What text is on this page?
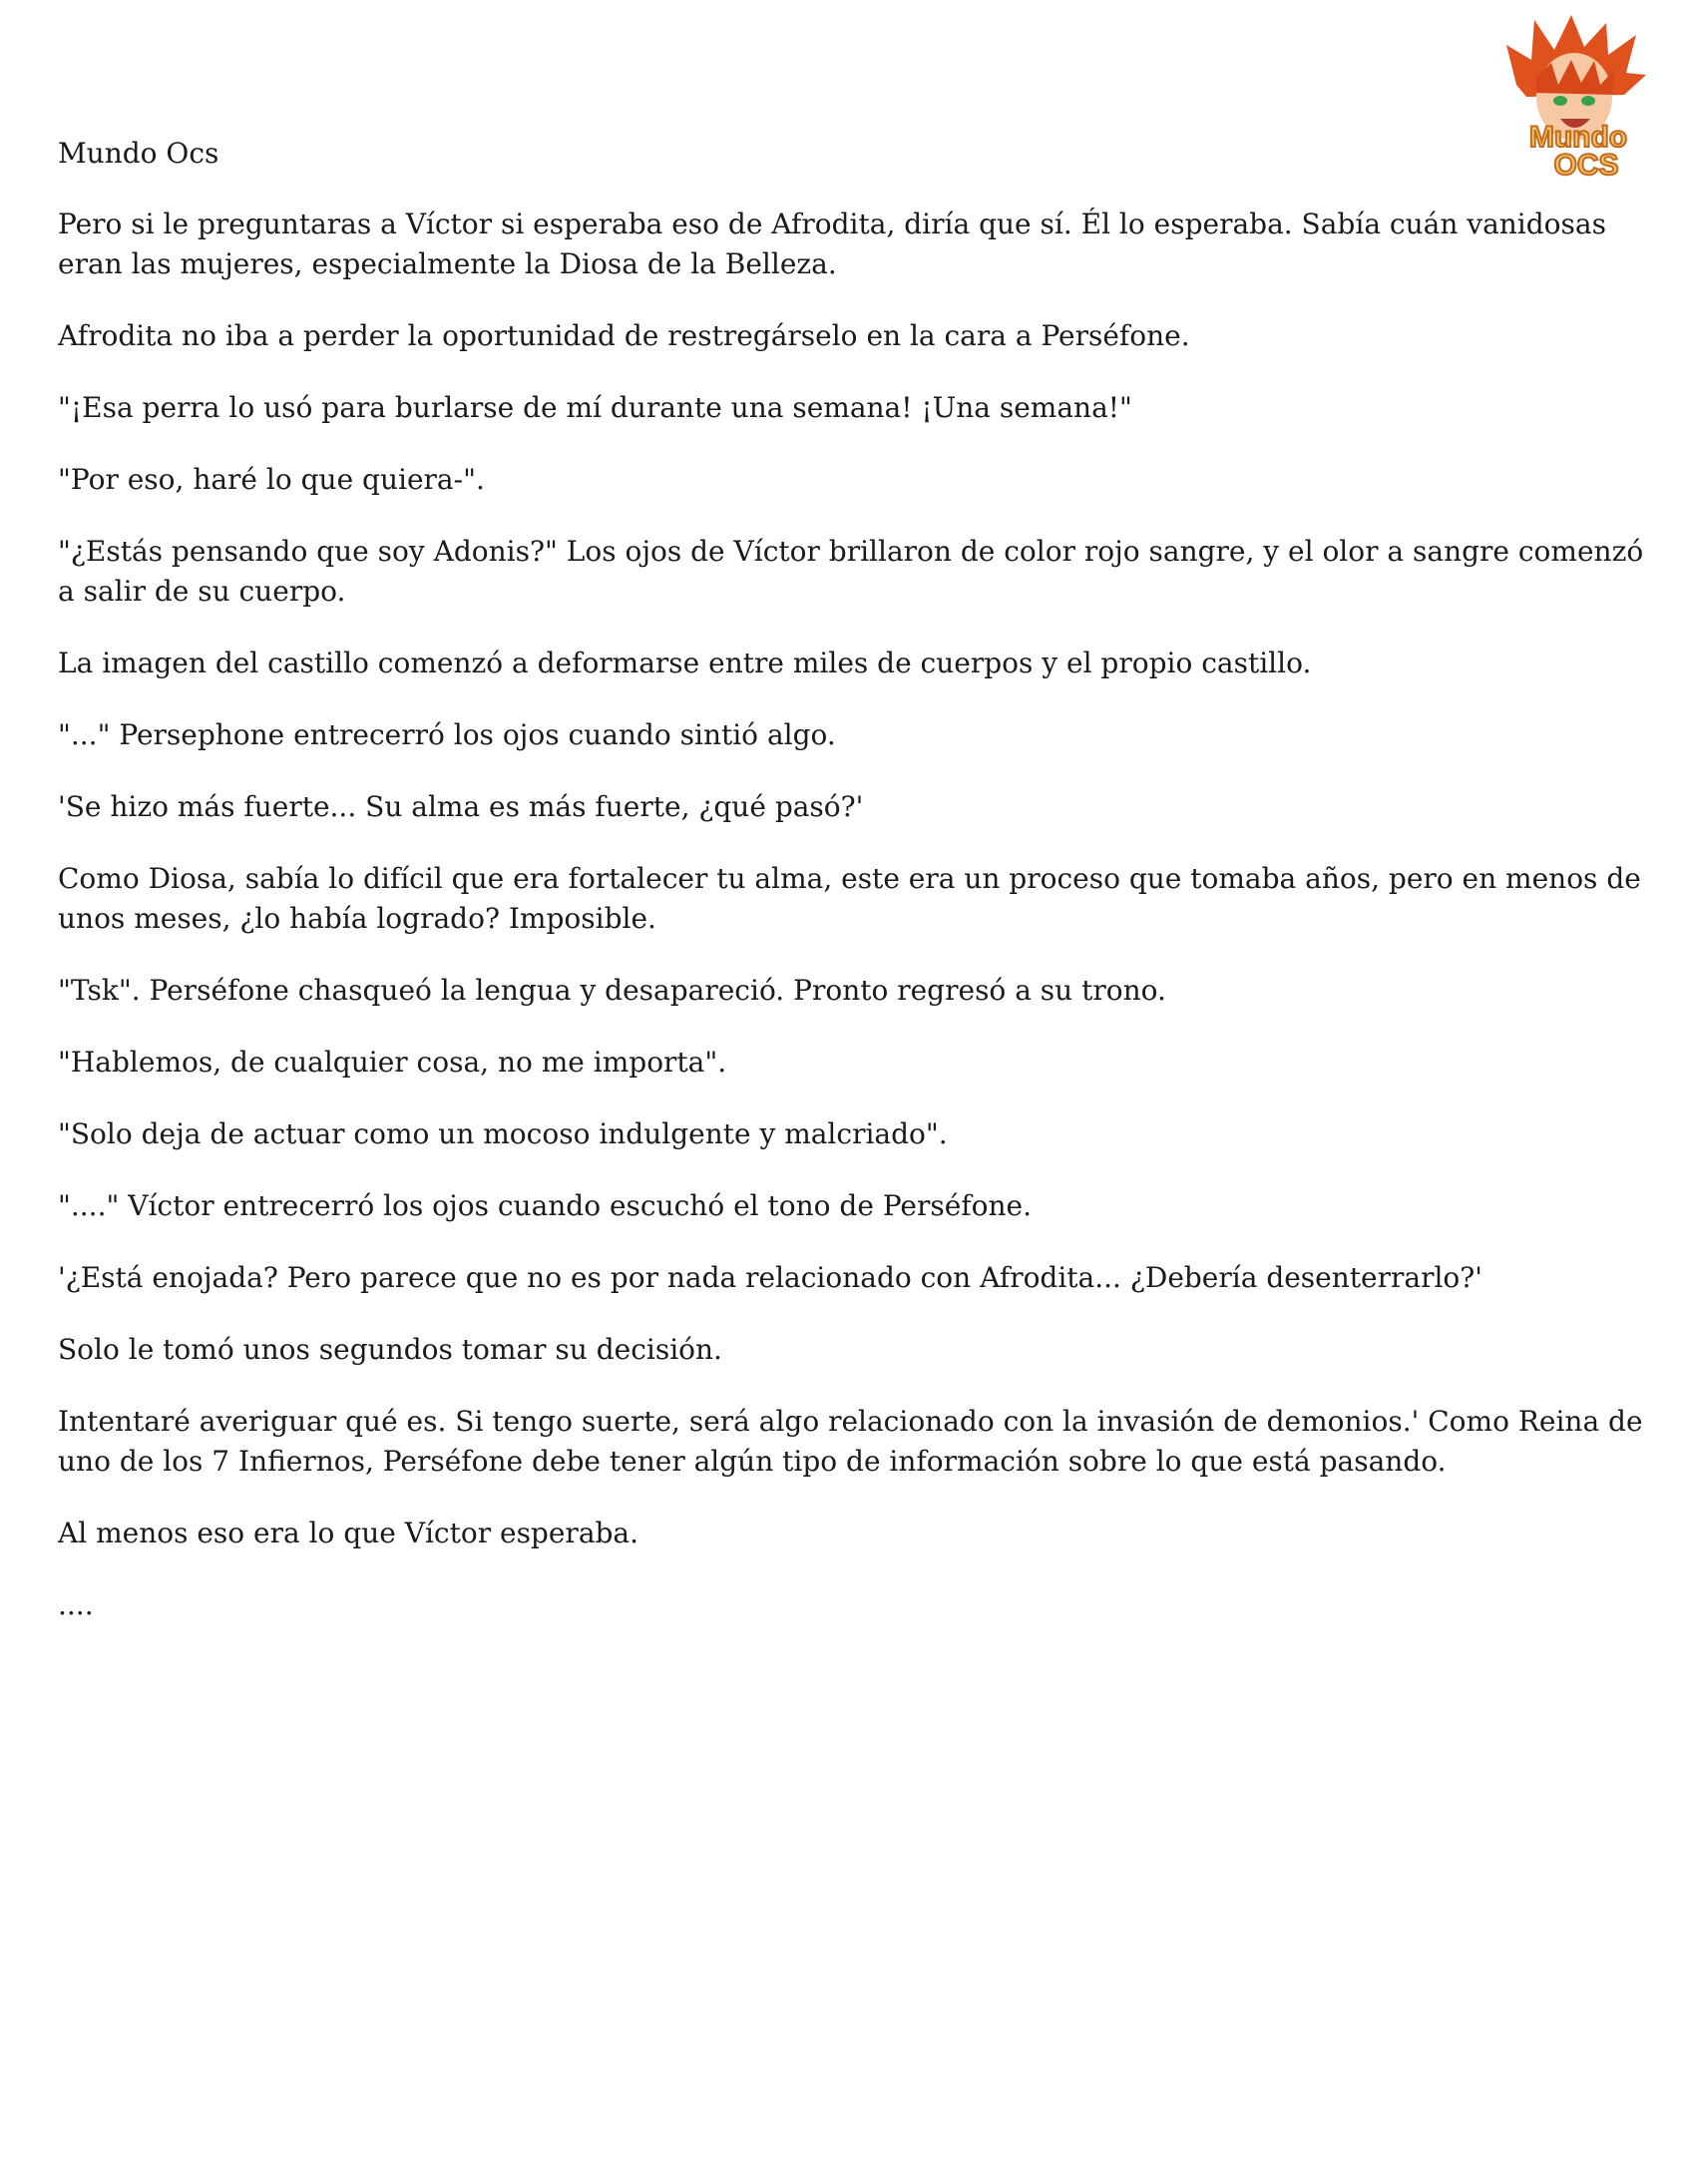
Mundo
OCS
Mundo Ocs

Pero si le preguntaras a Víctor si esperaba eso de Afrodita, diría que sí. Él lo esperaba. Sabía cuán vanidosas eran las mujeres, especialmente la Diosa de la Belleza.

Afrodita no iba a perder la oportunidad de restregárselo en la cara a Perséfone.

"¡Esa perra lo usó para burlarse de mí durante una semana! ¡Una semana!"

"Por eso, haré lo que quiera-".

"¿Estás pensando que soy Adonis?" Los ojos de Víctor brillaron de color rojo sangre, y el olor a sangre comenzó a salir de su cuerpo.

La imagen del castillo comenzó a deformarse entre miles de cuerpos y el propio castillo.

"..." Persephone entrecerró los ojos cuando sintió algo.

'Se hizo más fuerte... Su alma es más fuerte, ¿qué pasó?'

Como Diosa, sabía lo difícil que era fortalecer tu alma, este era un proceso que tomaba años, pero en menos de unos meses, ¿lo había logrado? Imposible.

"Tsk". Perséfone chasqueó la lengua y desapareció. Pronto regresó a su trono.

"Hablemos, de cualquier cosa, no me importa".

"Solo deja de actuar como un mocoso indulgente y malcriado".

"...." Víctor entrecerró los ojos cuando escuchó el tono de Perséfone.

'¿Está enojada? Pero parece que no es por nada relacionado con Afrodita... ¿Debería desenterrarlo?'

Solo le tomó unos segundos tomar su decisión.

Intentaré averiguar qué es. Si tengo suerte, será algo relacionado con la invasión de demonios.' Como Reina de uno de los 7 Infiernos, Perséfone debe tener algún tipo de información sobre lo que está pasando.

Al menos eso era lo que Víctor esperaba.

....
